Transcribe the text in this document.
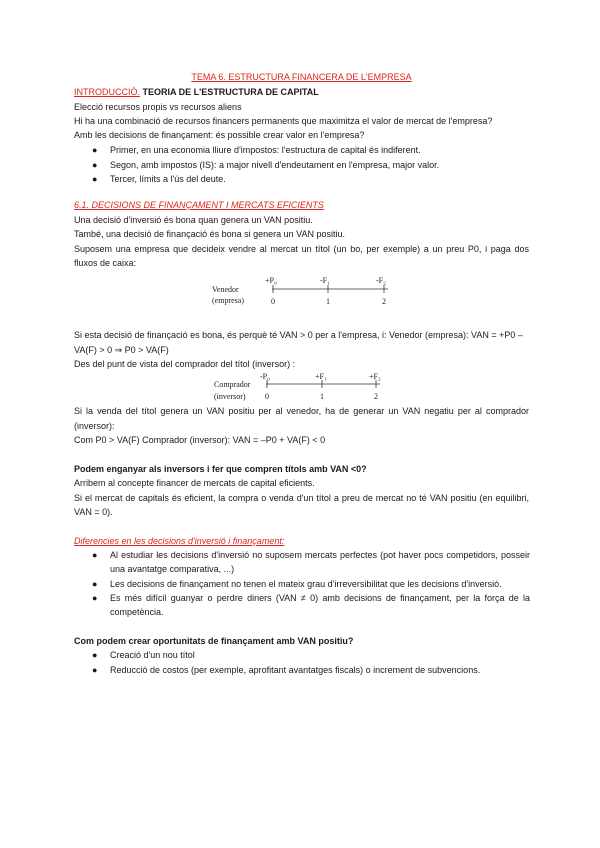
TEMA 6. ESTRUCTURA FINANCERA DE L'EMPRESA
INTRODUCCIÓ. TEORIA DE L'ESTRUCTURA DE CAPITAL
Elecció recursos propis vs recursos aliens
Hi ha una combinació de recursos financers permanents que maximitza el valor de mercat de l'empresa?
Amb les decisions de finançament: és possible crear valor en l'empresa?
● Primer, en una economia lliure d'impostos: l'estructura de capital és indiferent.
● Segon, amb impostos (IS): a major nivell d'endeutament en l'empresa, major valor.
● Tercer, límits a l'ús del deute.
6.1. DECISIONS DE FINANÇAMENT I MERCATS EFICIENTS
Una decisió d'inversió és bona quan genera un VAN positiu.
També, una decisió de finançació és bona si genera un VAN positiu.
Suposem una empresa que decideix vendre al mercat un títol (un bo, per exemple) a un preu P0, i paga dos
fluxos de caixa:
Venedor
(empresa)
+P₀	-F₁	-F₂
0	1	2
Si esta decisió de finançació es bona, és perquè té VAN > 0 per a l'empresa, i: Venedor (empresa): VAN = +P0 –
VA(F) > 0 ⇒ P0 > VA(F)
Des del punt de vista del comprador del títol (inversor) :
Comprador
(inversor)
-P₀	+F₁	+F₂
0	1	2
Si la venda del títol genera un VAN positiu per al venedor, ha de generar un VAN negatiu per al comprador
(inversor):
Com P0 > VA(F) Comprador (inversor): VAN = –P0 + VA(F) < 0
Podem enganyar als inversors i fer que compren títols amb VAN <0?
Arribem al concepte financer de mercats de capital eficients.
Si el mercat de capitals és eficient, la compra o venda d'un títol a preu de mercat no té VAN positiu (en equilibri,
VAN = 0).
Diferencies en les decisions d'inversió i finançament:
● Al estudiar les decisions d'inversió no suposem mercats perfectes (pot haver pocs competidors, posseir
una avantatge comparativa, ...)
● Les decisions de finançament no tenen el mateix grau d'irreversibilitat que les decisions d'inversió.
● Es més difícil guanyar o perdre diners (VAN ≠ 0) amb decisions de finançament, per la força de la
competència.
Com podem crear oportunitats de finançament amb VAN positiu?
● Creació d'un nou títol
● Reducció de costos (per exemple, aprofitant avantatges fiscals) o increment de subvencions.
